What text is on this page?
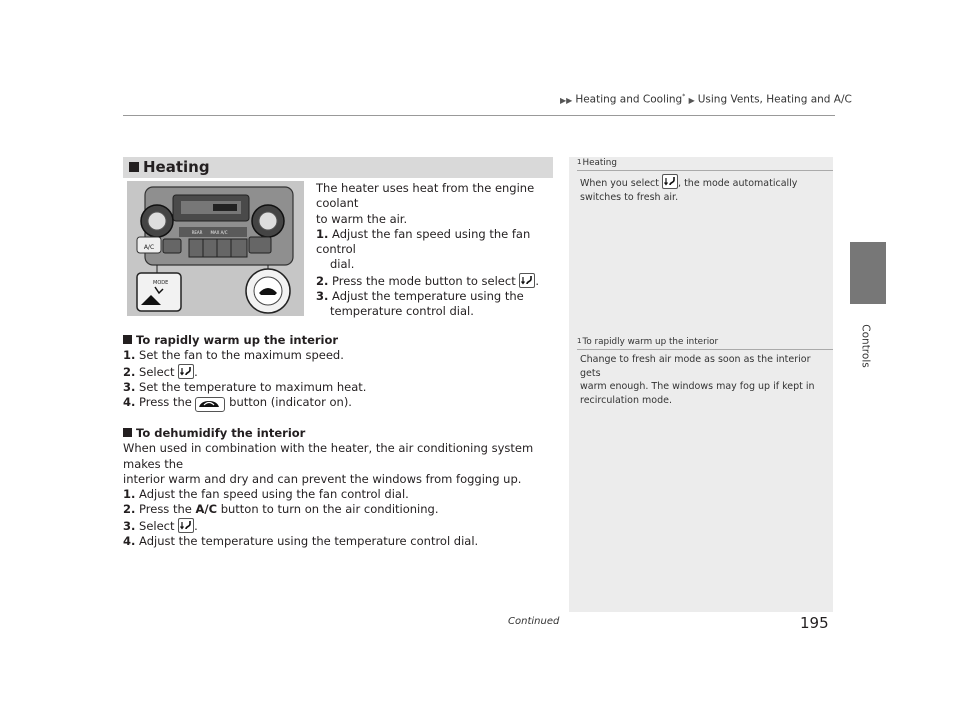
▶▶ Heating and Cooling* ▶ Using Vents, Heating and A/C
Controls
Heating
A/C
MAX A/C
REAR
MODE
The heater uses heat from the engine coolant
to warm the air.
1. Adjust the fan speed using the fan control
dial.
2. Press the mode button to select .
3. Adjust the temperature using the
temperature control dial.
To rapidly warm up the interior
1. Set the fan to the maximum speed.
2. Select .
3. Set the temperature to maximum heat.
4. Press the	button (indicator on).
To dehumidify the interior
When used in combination with the heater, the air conditioning system makes the
interior warm and dry and can prevent the windows from fogging up.
1. Adjust the fan speed using the fan control dial.
2. Press the A/C button to turn on the air conditioning.
3. Select .
4. Adjust the temperature using the temperature control dial.
1Heating
When you select , the mode automatically
switches to fresh air.
1To rapidly warm up the interior
Change to fresh air mode as soon as the interior gets
warm enough. The windows may fog up if kept in
recirculation mode.
Continued	195
